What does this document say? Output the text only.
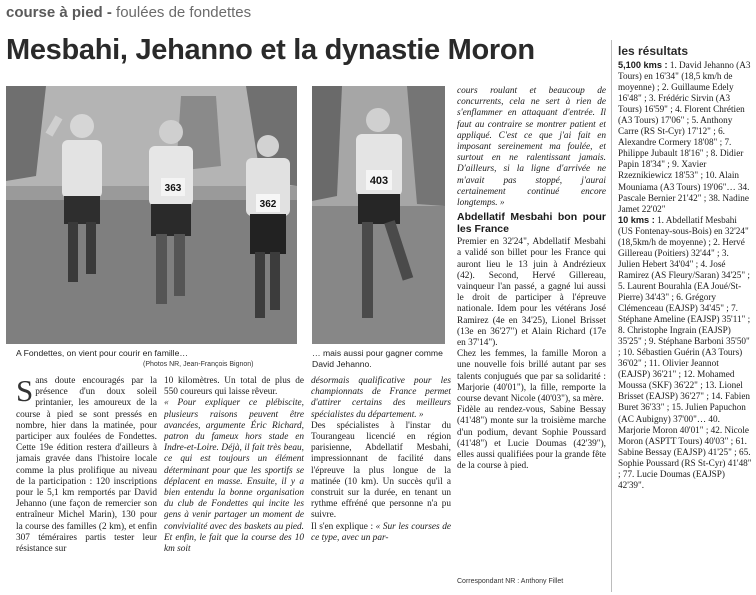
course à pied - foulées de fondettes
Mesbahi, Jehanno et la dynastie Moron
363
362
403
A Fondettes, on vient pour courir en famille…
(Photos NR, Jean-François Bignon)
… mais aussi pour gagner comme David Jehanno.
Sans doute encouragés par la présence d'un doux soleil printanier, les amoureux de la course à pied se sont pressés en nombre, hier dans la matinée, pour participer aux foulées de Fondettes. Cette 19e édition restera d'ailleurs à jamais gravée dans l'histoire locale comme la plus prolifique au niveau de la participation : 120 inscriptions pour le 5,1 km remportés par David Jehanno (une façon de remercier son entraîneur Michel Marin), 130 pour la course des familles (2 km), et enfin 307 téméraires partis tester leur résistance sur

10 kilomètres. Un total de plus de 550 coureurs qui laisse rêveur.

« Pour expliquer ce plébiscite, plusieurs raisons peuvent être avancées, argumente Éric Richard, patron du fameux hors stade en Indre-et-Loire. Déjà, il fait très beau, ce qui est toujours un élément déterminant pour que les sportifs se déplacent en masse. Ensuite, il y a bien entendu la bonne organisation du club de Fondettes qui incite les gens à venir partager un moment de convivialité avec des baskets au pied. Et enfin, le fait que la course des 10 km soit

désormais qualificative pour les championnats de France permet d'attirer certains des meilleurs spécialistes du département. »

Des spécialistes à l'instar du Tourangeau licencié en région parisienne, Abdellatif Mesbahi, impressionnant de facilité dans l'épreuve la plus longue de la matinée (10 km). Un succès qu'il a construit sur la durée, en tenant un rythme effréné que personne n'a pu suivre.

Il s'en explique : « Sur les courses de ce type, avec un par-

cours roulant et beaucoup de concurrents, cela ne sert à rien de s'enflammer en attaquant d'entrée. Il faut au contraire se montrer patient et appliqué. C'est ce que j'ai fait en imposant sereinement ma foulée, et surtout en ne ralentissant jamais. D'ailleurs, si la ligne d'arrivée ne m'avait pas stoppé, j'aurai certainement continué encore longtemps. »

Abdellatif Mesbahi bon pour les France

Premier en 32'24", Abdellatif Mesbahi a validé son billet pour les France qui auront lieu le 13 juin à Andrézieux (42). Second, Hervé Gillereau, vainqueur l'an passé, a gagné lui aussi le droit de participer à l'épreuve nationale. Idem pour les vétérans José Ramirez (4e en 34'25), Lionel Brisset (13e en 36'27") et Alain Richard (17e en 37'14").

Chez les femmes, la famille Moron a une nouvelle fois brillé autant par ses talents conjugués que par sa solidarité : Marjorie (40'01"), la fille, remporte la course devant Nicole (40'03"), sa mère.

Fidèle au rendez-vous, Sabine Bessay (41'48") monte sur la troisième marche d'un podium, devant Sophie Poussard (41'48") et Lucie Doumas (42'39"), elles aussi qualifiées pour la grande fête de la course à pied.

Correspondant NR : Anthony Fillet
les résultats
5,100 kms : 1. David Jehanno (A3 Tours) en 16'34" (18,5 km/h de moyenne) ; 2. Guillaume Edely 16'48" ; 3. Frédéric Sirvin (A3 Tours) 16'59" ; 4. Florent Chrétien (A3 Tours) 17'06" ; 5. Anthony Carre (RS St-Cyr) 17'12" ; 6. Alexandre Cormery 18'08" ; 7. Philippe Jubault 18'16" ; 8. Didier Papin 18'34" ; 9. Xavier Rzeznikiewicz 18'53" ; 10. Alain Mouniama (A3 Tours) 19'06"… 34. Pascale Bernier 21'42" ; 38. Nadine Jamet 22'02"
10 kms : 1. Abdellatif Mesbahi (US Fontenay-sous-Bois) en 32'24" (18,5km/h de moyenne) ; 2. Hervé Gillereau (Poitiers) 32'44" ; 3. Julien Hebert 34'04" ; 4. José Ramirez (AS Fleury/Saran) 34'25" ; 5. Laurent Bourahla (EA Joué/St-Pierre) 34'43" ; 6. Grégory Clémenceau (EAJSP) 34'45" ; 7. Stéphane Ameline (EAJSP) 35'11" ; 8. Christophe Ingrain (EAJSP) 35'25" ; 9. Stéphane Barboni 35'50" ; 10. Sébastien Guérin (A3 Tours) 36'02" ; 11. Olivier Jeannot (EAJSP) 36'21" ; 12. Mohamed Moussa (SKF) 36'22" ; 13. Lionel Brisset (EAJSP) 36'27" ; 14. Fabien Buret 36'33" ; 15. Julien Papuchon (AC Aubigny) 37'00"… 40. Marjorie Moron 40'01" ; 42. Nicole Moron (ASPTT Tours) 40'03" ; 61. Sabine Bessay (EAJSP) 41'25" ; 65. Sophie Poussard (RS St-Cyr) 41'48" ; 77. Lucie Doumas (EAJSP) 42'39".
